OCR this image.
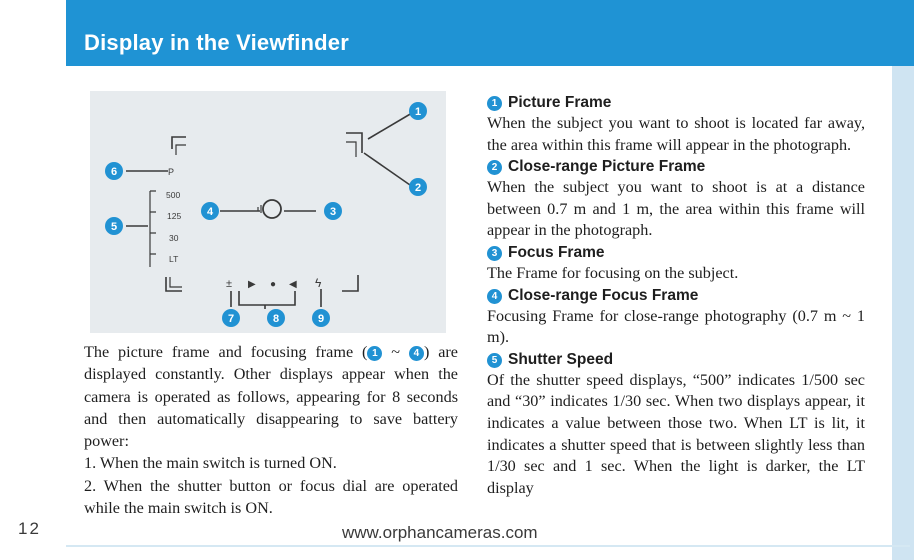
Display in the Viewfinder
P
500
125
30
LT
± ▶ ● ◀ ϟ
1
2
3
4
5
6
7	8	9

The picture frame and focusing frame ( 1 ~ 4 ) are displayed constantly. Other displays appear when the camera is operated as follows, appearing for 8 seconds and then automatically disappearing to save battery power:

1. When the main switch is turned ON.

2. When the shutter button or focus dial are operated while the main switch is ON.

1 Picture Frame

When the subject you want to shoot is located far away, the area within this frame will appear in the photograph.

2 Close-range Picture Frame

When the subject you want to shoot is at a distance between 0.7 m and 1 m, the area within this frame will appear in the photograph.

3 Focus Frame

The Frame for focusing on the subject.

4 Close-range Focus Frame

Focusing Frame for close-range photography (0.7 m ~ 1 m).

5 Shutter Speed

Of the shutter speed displays, “500” indicates 1/500 sec and “30” indicates 1/30 sec. When two displays appear, it indicates a value between those two. When LT is lit, it indicates a shutter speed that is between slightly less than 1/30 sec and 1 sec. When the light is darker, the LT display

12	www.orphancameras.com
